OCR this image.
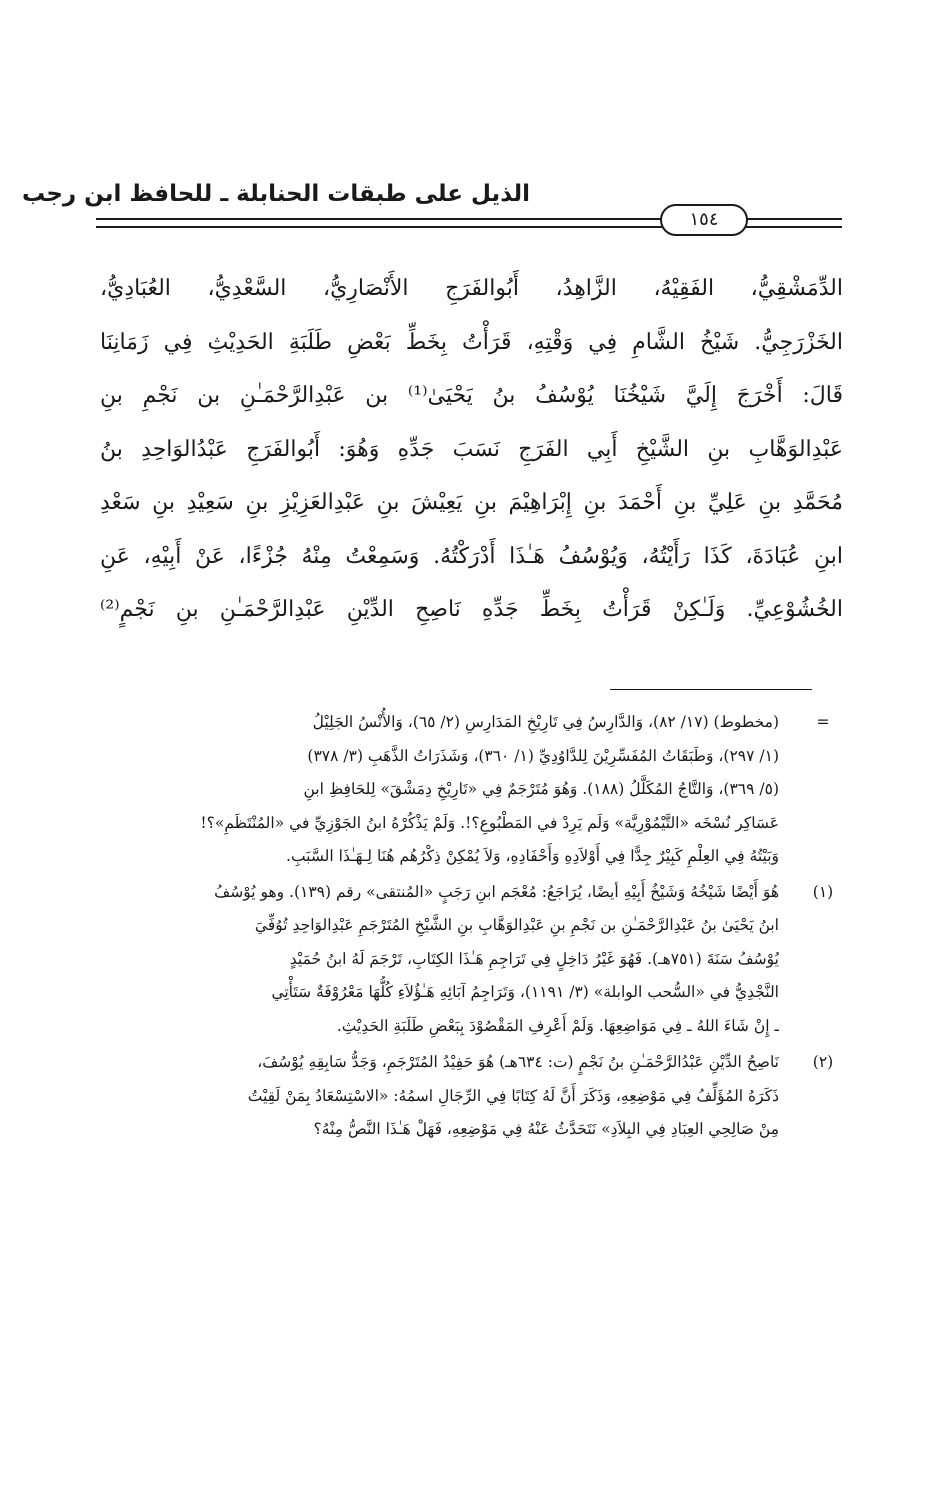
الذيل على طبقات الحنابلة ـ للحافظ ابن رجب
١٥٤
الدِّمَشْقِيُّ، الفَقِيْهُ، الزَّاهِدُ، أَبُوالفَرَجِ الأَنْصَارِيُّ، السَّعْدِيُّ، العُبَادِيُّ،
الخَزْرَجِيُّ. شَيْخُ الشَّامِ فِي وَقْتِهِ، قَرَأْتُ بِخَطِّ بَعْضِ طَلَبَةِ الحَدِيْثِ فِي زَمَانِنَا
قَالَ: أَخْرَجَ إِلَيَّ شَيْخُنَا يُوْسُفُ بنُ يَحْيَىٰ⁽¹⁾ بن عَبْدِالرَّحْمَـٰنِ بن نَجْمِ بنِ
عَبْدِالوَهَّابِ بنِ الشَّيْخِ أَبِي الفَرَجِ نَسَبَ جَدِّهِ وَهُوَ: أَبُوالفَرَجِ عَبْدُالوَاحِدِ بنُ
مُحَمَّدِ بنِ عَلِيِّ بنِ أَحْمَدَ بنِ إِبْرَاهِيْمَ بنِ يَعِيْشَ بنِ عَبْدِالعَزِيْزِ بنِ سَعِيْدِ بنِ سَعْدِ
ابنِ عُبَادَةَ، كَذَا رَأَيْتُهُ، وَيُوْسُفُ هَـٰذَا أَدْرَكْتُهُ. وَسَمِعْتُ مِنْهُ جُزْءًا، عَنْ أَبِيْهِ، عَنِ
الخُشُوْعِيِّ. وَلَـٰكِنْ قَرَأْتُ بِخَطِّ جَدِّهِ نَاصِحِ الدِّيْنِ عَبْدِالرَّحْمَـٰنِ بنِ نَجْمٍ⁽²⁾
=
(مخطوط) (١٧/ ٨٢)، وَالدَّارِسُ فِي تَارِيْخِ المَدَارِسِ (٢/ ٦٥)، وَالأُنْسُ الجَلِيْلُ
(١/ ٢٩٧)، وَطَبَقَاتُ المُفَسِّرِيْنَ لِلدَّاوُدِيِّ (١/ ٣٦٠)، وَشَذَرَاتُ الذَّهَبِ (٣/ ٣٧٨)
(٥/ ٣٦٩)، وَالتَّاجُ المُكَلَّلُ (١٨٨). وَهُوَ مُتَرْجَمٌ فِي «تَارِيْخِ دِمَشْقَ» لِلحَافِظِ ابنِ
عَسَاكِر نُسْخَه «التَّيْمُوْرِيَّة» وَلَم يَرِدْ في المَطْبُوعِ؟!. وَلَمْ يَذْكُرْهُ ابنُ الجَوْزِيِّ في «المُنْتَظَمِ»؟!
وَبَيْتُهُ فِي العِلْمِ كَبِيْرٌ جِدًّا فِي أَوْلاَدِهِ وَأَحْفَادِهِ، وَلاَ يُمْكِنْ ذِكْرُهُم هُنَا لِـهَـٰذَا السَّبَبِ.
(١)
هُوَ أَيْضًا شَيْخُهُ وَشَيْخُ أَبِيْهِ أيضًا، يُرَاجَعُ: مُعْجَم ابنِ رَجَبٍ «المُنتقى» رقم (١٣٩). وهو يُوْسُفُ
ابنُ يَحْيَىٰ بنُ عَبْدِالرَّحْمَـٰنِ بن نَجْمِ بنِ عَبْدِالوَهَّابِ بنِ الشَّيْخِ المُتَرْجَمِ عَبْدِالوَاحِدِ تُوُفِّيَ
يُوْسُفُ سَنَةَ (٧٥١هـ). فَهُوَ غَيْرُ دَاخِلٍ فِي تَرَاجِمِ هَـٰذَا الكِتَابِ، تَرْجَمَ لَهُ ابنُ حُمَيْدٍ
النَّجْدِيُّ في «السُّحب الوابلة» (٣/ ١١٩١)، وَتَرَاجِمُ آبَائِهِ هَـٰؤُلاَءِ كُلُّهَا مَعْرُوْفَةٌ سَتَأْتِي
ـ إِنْ شَاءَ اللهُ ـ فِي مَوَاضِعِهَا. وَلَمْ أَعْرِفِ المَقْصُوْدَ بِبَعْضِ طَلَبَةِ الحَدِيْثِ.
(٢)
نَاصِحُ الدِّيْنِ عَبْدُالرَّحْمَـٰنِ بنُ نَجْمٍ (ت: ٦٣٤هـ) هُوَ حَفِيْدُ المُتَرْجَمِ، وَجَدُّ سَابِقِهِ يُوْسُفَ،
ذَكَرَهُ المُؤَلِّفُ فِي مَوْضِعِهِ، وَذَكَرَ أَنَّ لَهُ كِتَابًا فِي الرِّجَالِ اسمُهُ: «الاسْتِسْعَادُ بِمَنْ لَقِيْتُ
مِنْ صَالِحِي العِبَادِ فِي البِلاَدِ» نَتَحَدَّثُ عَنْهُ فِي مَوْضِعِهِ، فَهَلْ هَـٰذَا النَّصُّ مِنْهُ؟
